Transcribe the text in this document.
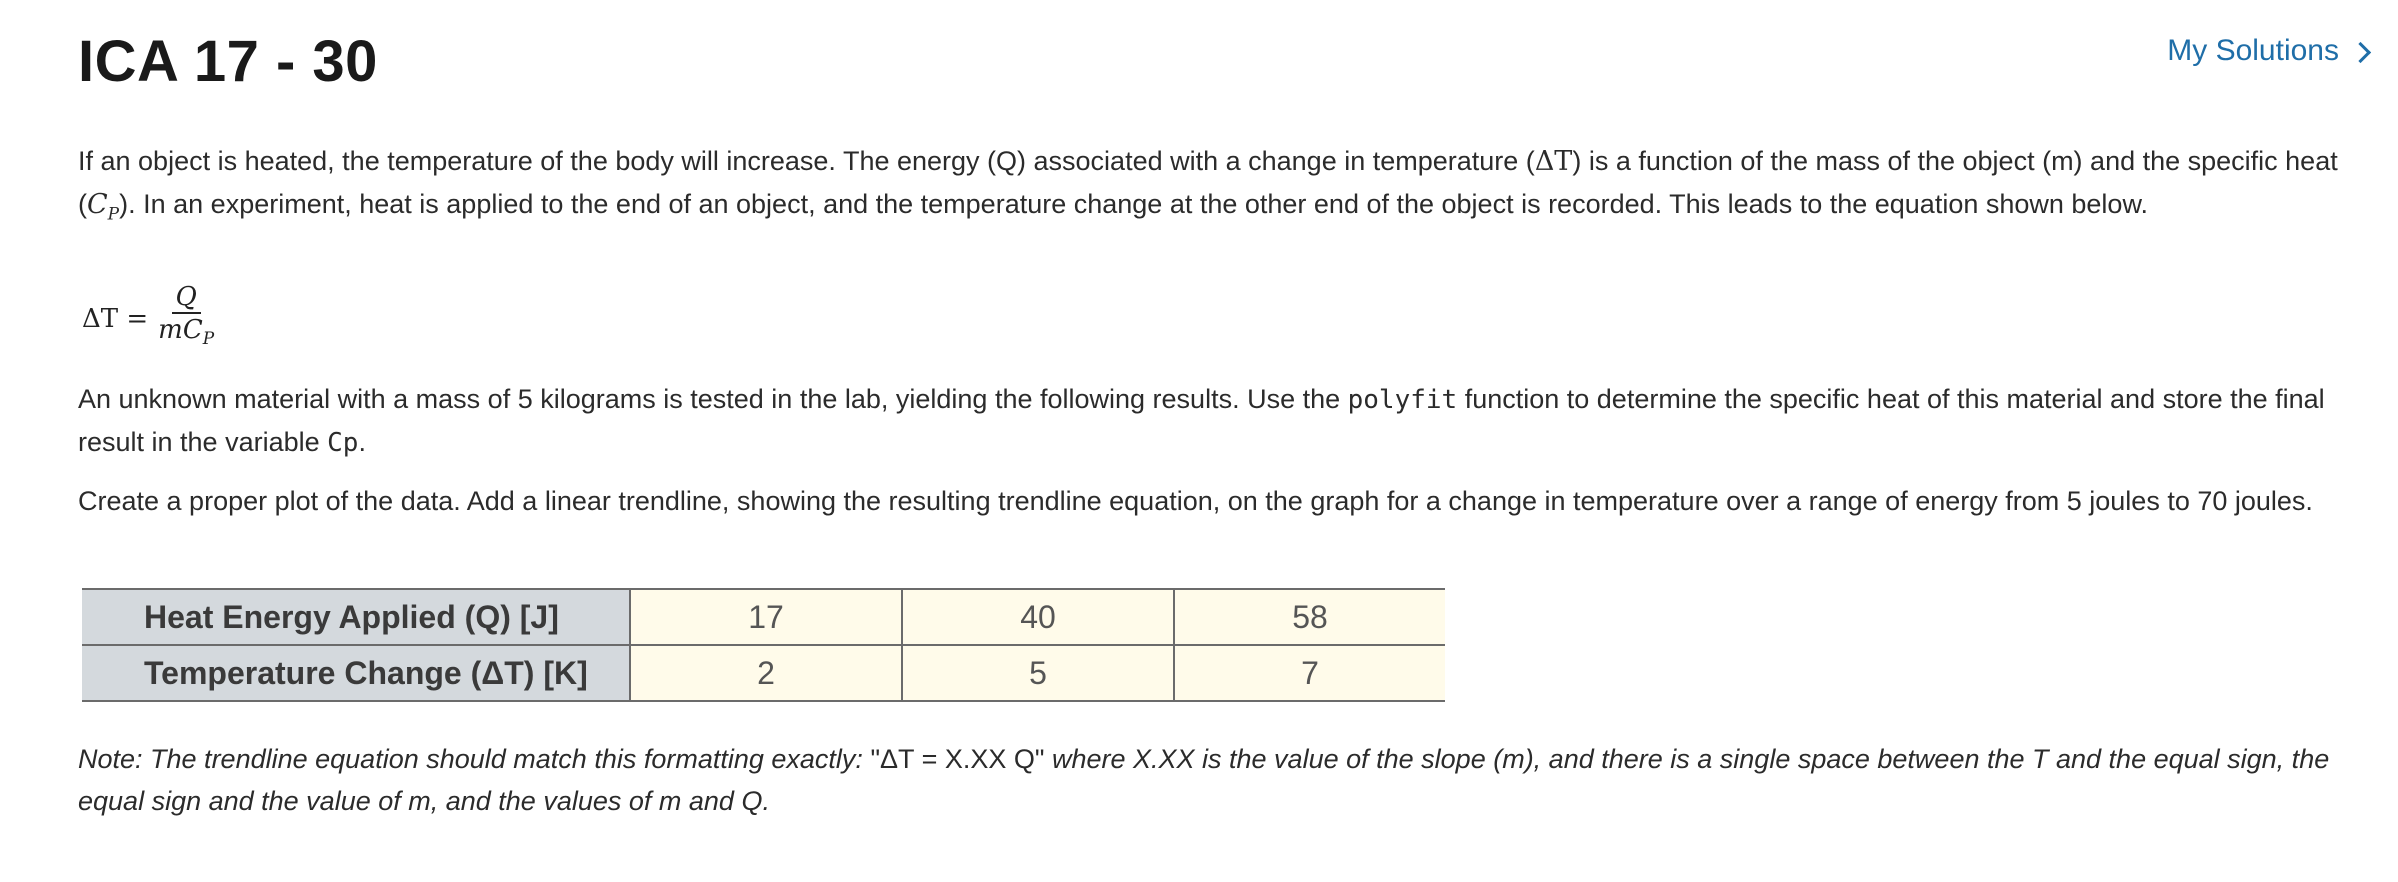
ICA 17 - 30	My Solutions

If an object is heated, the temperature of the body will increase. The energy (Q) associated with a change in temperature (ΔT) is a function of the mass of the object (m) and the specific heat $(C_P)$. In an experiment, heat is applied to the end of an object, and the temperature change at the other end of the object is recorded. This leads to the equation shown below.

$\Delta T = \frac{Q}{mC_P}$

An unknown material with a mass of 5 kilograms is tested in the lab, yielding the following results. Use the polyfit function to determine the specific heat of this material and store the final result in the variable Cp.

Create a proper plot of the data. Add a linear trendline, showing the resulting trendline equation, on the graph for a change in temperature over a range of energy from 5 joules to 70 joules.

Heat Energy Applied (Q) [J]	17	40	58
Temperature Change (ΔT) [K]	2	5	7

Note: The trendline equation should match this formatting exactly: "ΔT = X.XX Q" where X.XX is the value of the slope (m), and there is a single space between the T and the equal sign, the equal sign and the value of m, and the values of m and Q.
